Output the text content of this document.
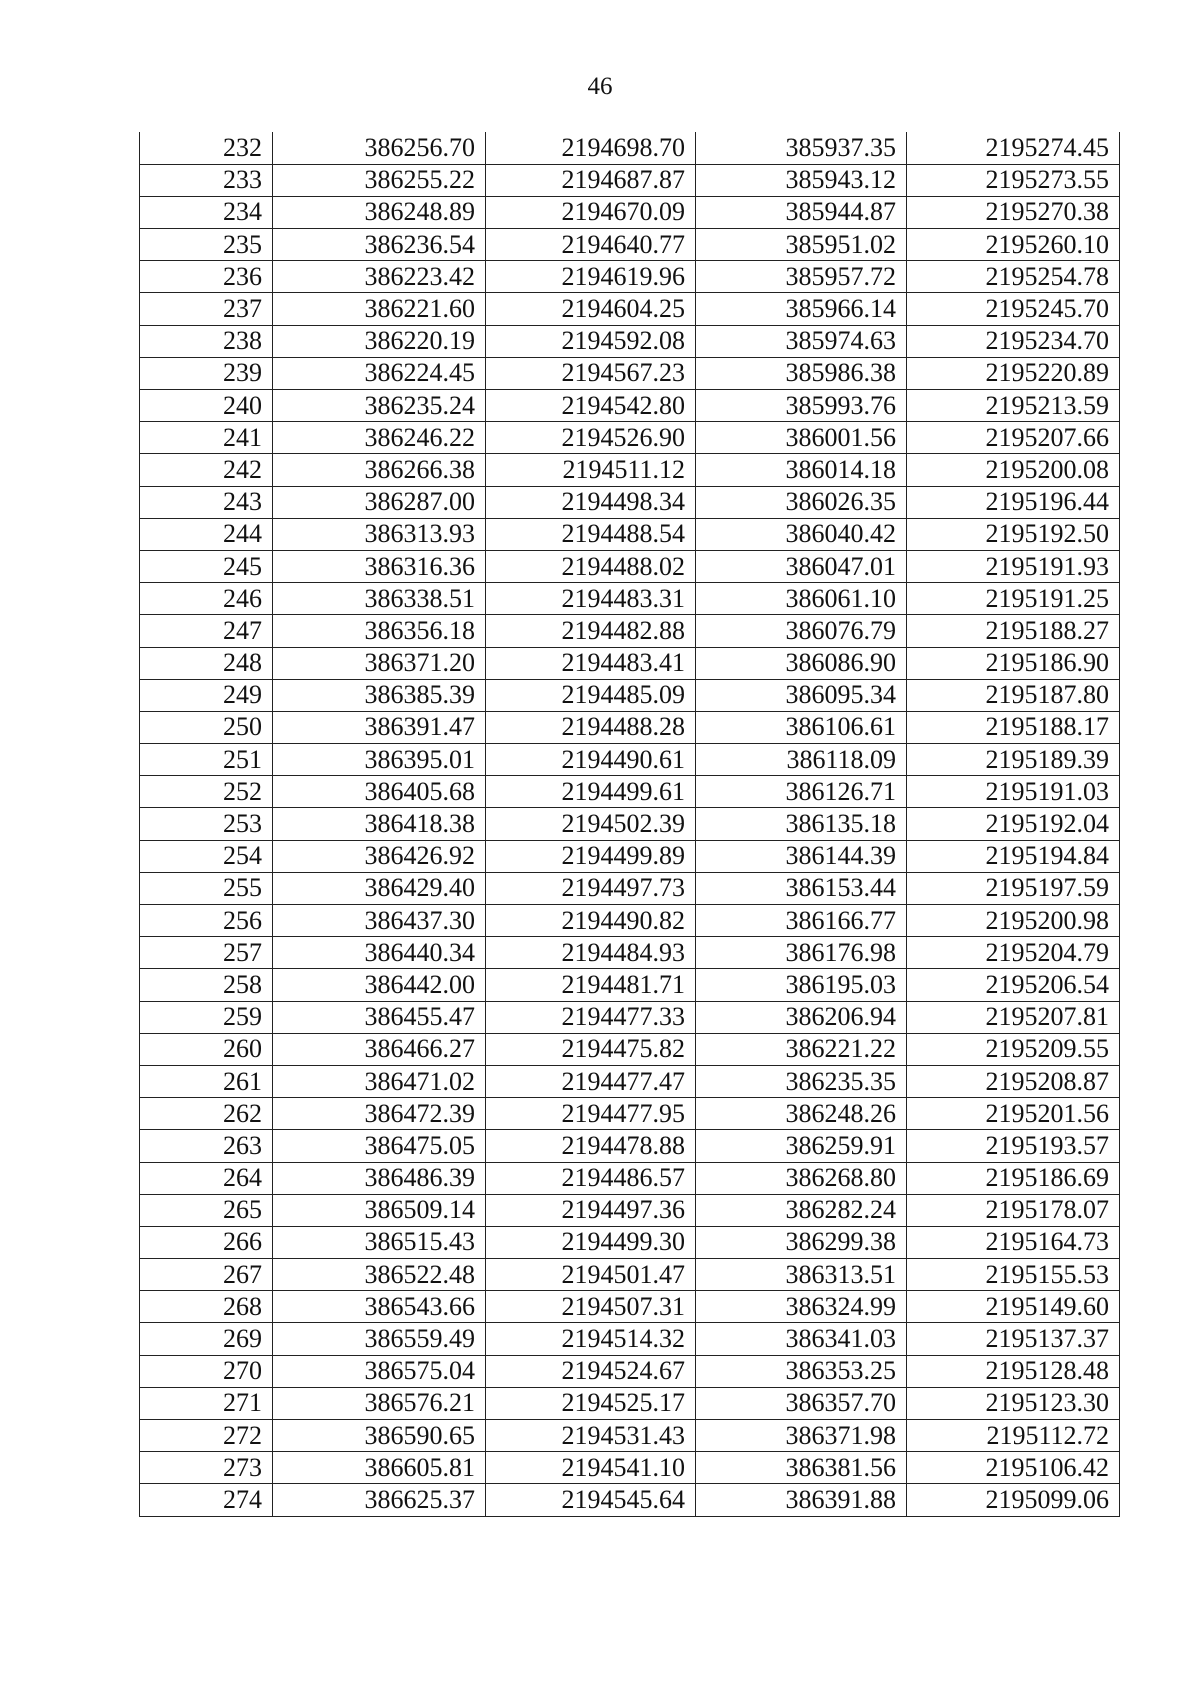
46
232	386256.70	2194698.70	385937.35	2195274.45
233	386255.22	2194687.87	385943.12	2195273.55
234	386248.89	2194670.09	385944.87	2195270.38
235	386236.54	2194640.77	385951.02	2195260.10
236	386223.42	2194619.96	385957.72	2195254.78
237	386221.60	2194604.25	385966.14	2195245.70
238	386220.19	2194592.08	385974.63	2195234.70
239	386224.45	2194567.23	385986.38	2195220.89
240	386235.24	2194542.80	385993.76	2195213.59
241	386246.22	2194526.90	386001.56	2195207.66
242	386266.38	2194511.12	386014.18	2195200.08
243	386287.00	2194498.34	386026.35	2195196.44
244	386313.93	2194488.54	386040.42	2195192.50
245	386316.36	2194488.02	386047.01	2195191.93
246	386338.51	2194483.31	386061.10	2195191.25
247	386356.18	2194482.88	386076.79	2195188.27
248	386371.20	2194483.41	386086.90	2195186.90
249	386385.39	2194485.09	386095.34	2195187.80
250	386391.47	2194488.28	386106.61	2195188.17
251	386395.01	2194490.61	386118.09	2195189.39
252	386405.68	2194499.61	386126.71	2195191.03
253	386418.38	2194502.39	386135.18	2195192.04
254	386426.92	2194499.89	386144.39	2195194.84
255	386429.40	2194497.73	386153.44	2195197.59
256	386437.30	2194490.82	386166.77	2195200.98
257	386440.34	2194484.93	386176.98	2195204.79
258	386442.00	2194481.71	386195.03	2195206.54
259	386455.47	2194477.33	386206.94	2195207.81
260	386466.27	2194475.82	386221.22	2195209.55
261	386471.02	2194477.47	386235.35	2195208.87
262	386472.39	2194477.95	386248.26	2195201.56
263	386475.05	2194478.88	386259.91	2195193.57
264	386486.39	2194486.57	386268.80	2195186.69
265	386509.14	2194497.36	386282.24	2195178.07
266	386515.43	2194499.30	386299.38	2195164.73
267	386522.48	2194501.47	386313.51	2195155.53
268	386543.66	2194507.31	386324.99	2195149.60
269	386559.49	2194514.32	386341.03	2195137.37
270	386575.04	2194524.67	386353.25	2195128.48
271	386576.21	2194525.17	386357.70	2195123.30
272	386590.65	2194531.43	386371.98	2195112.72
273	386605.81	2194541.10	386381.56	2195106.42
274	386625.37	2194545.64	386391.88	2195099.06
